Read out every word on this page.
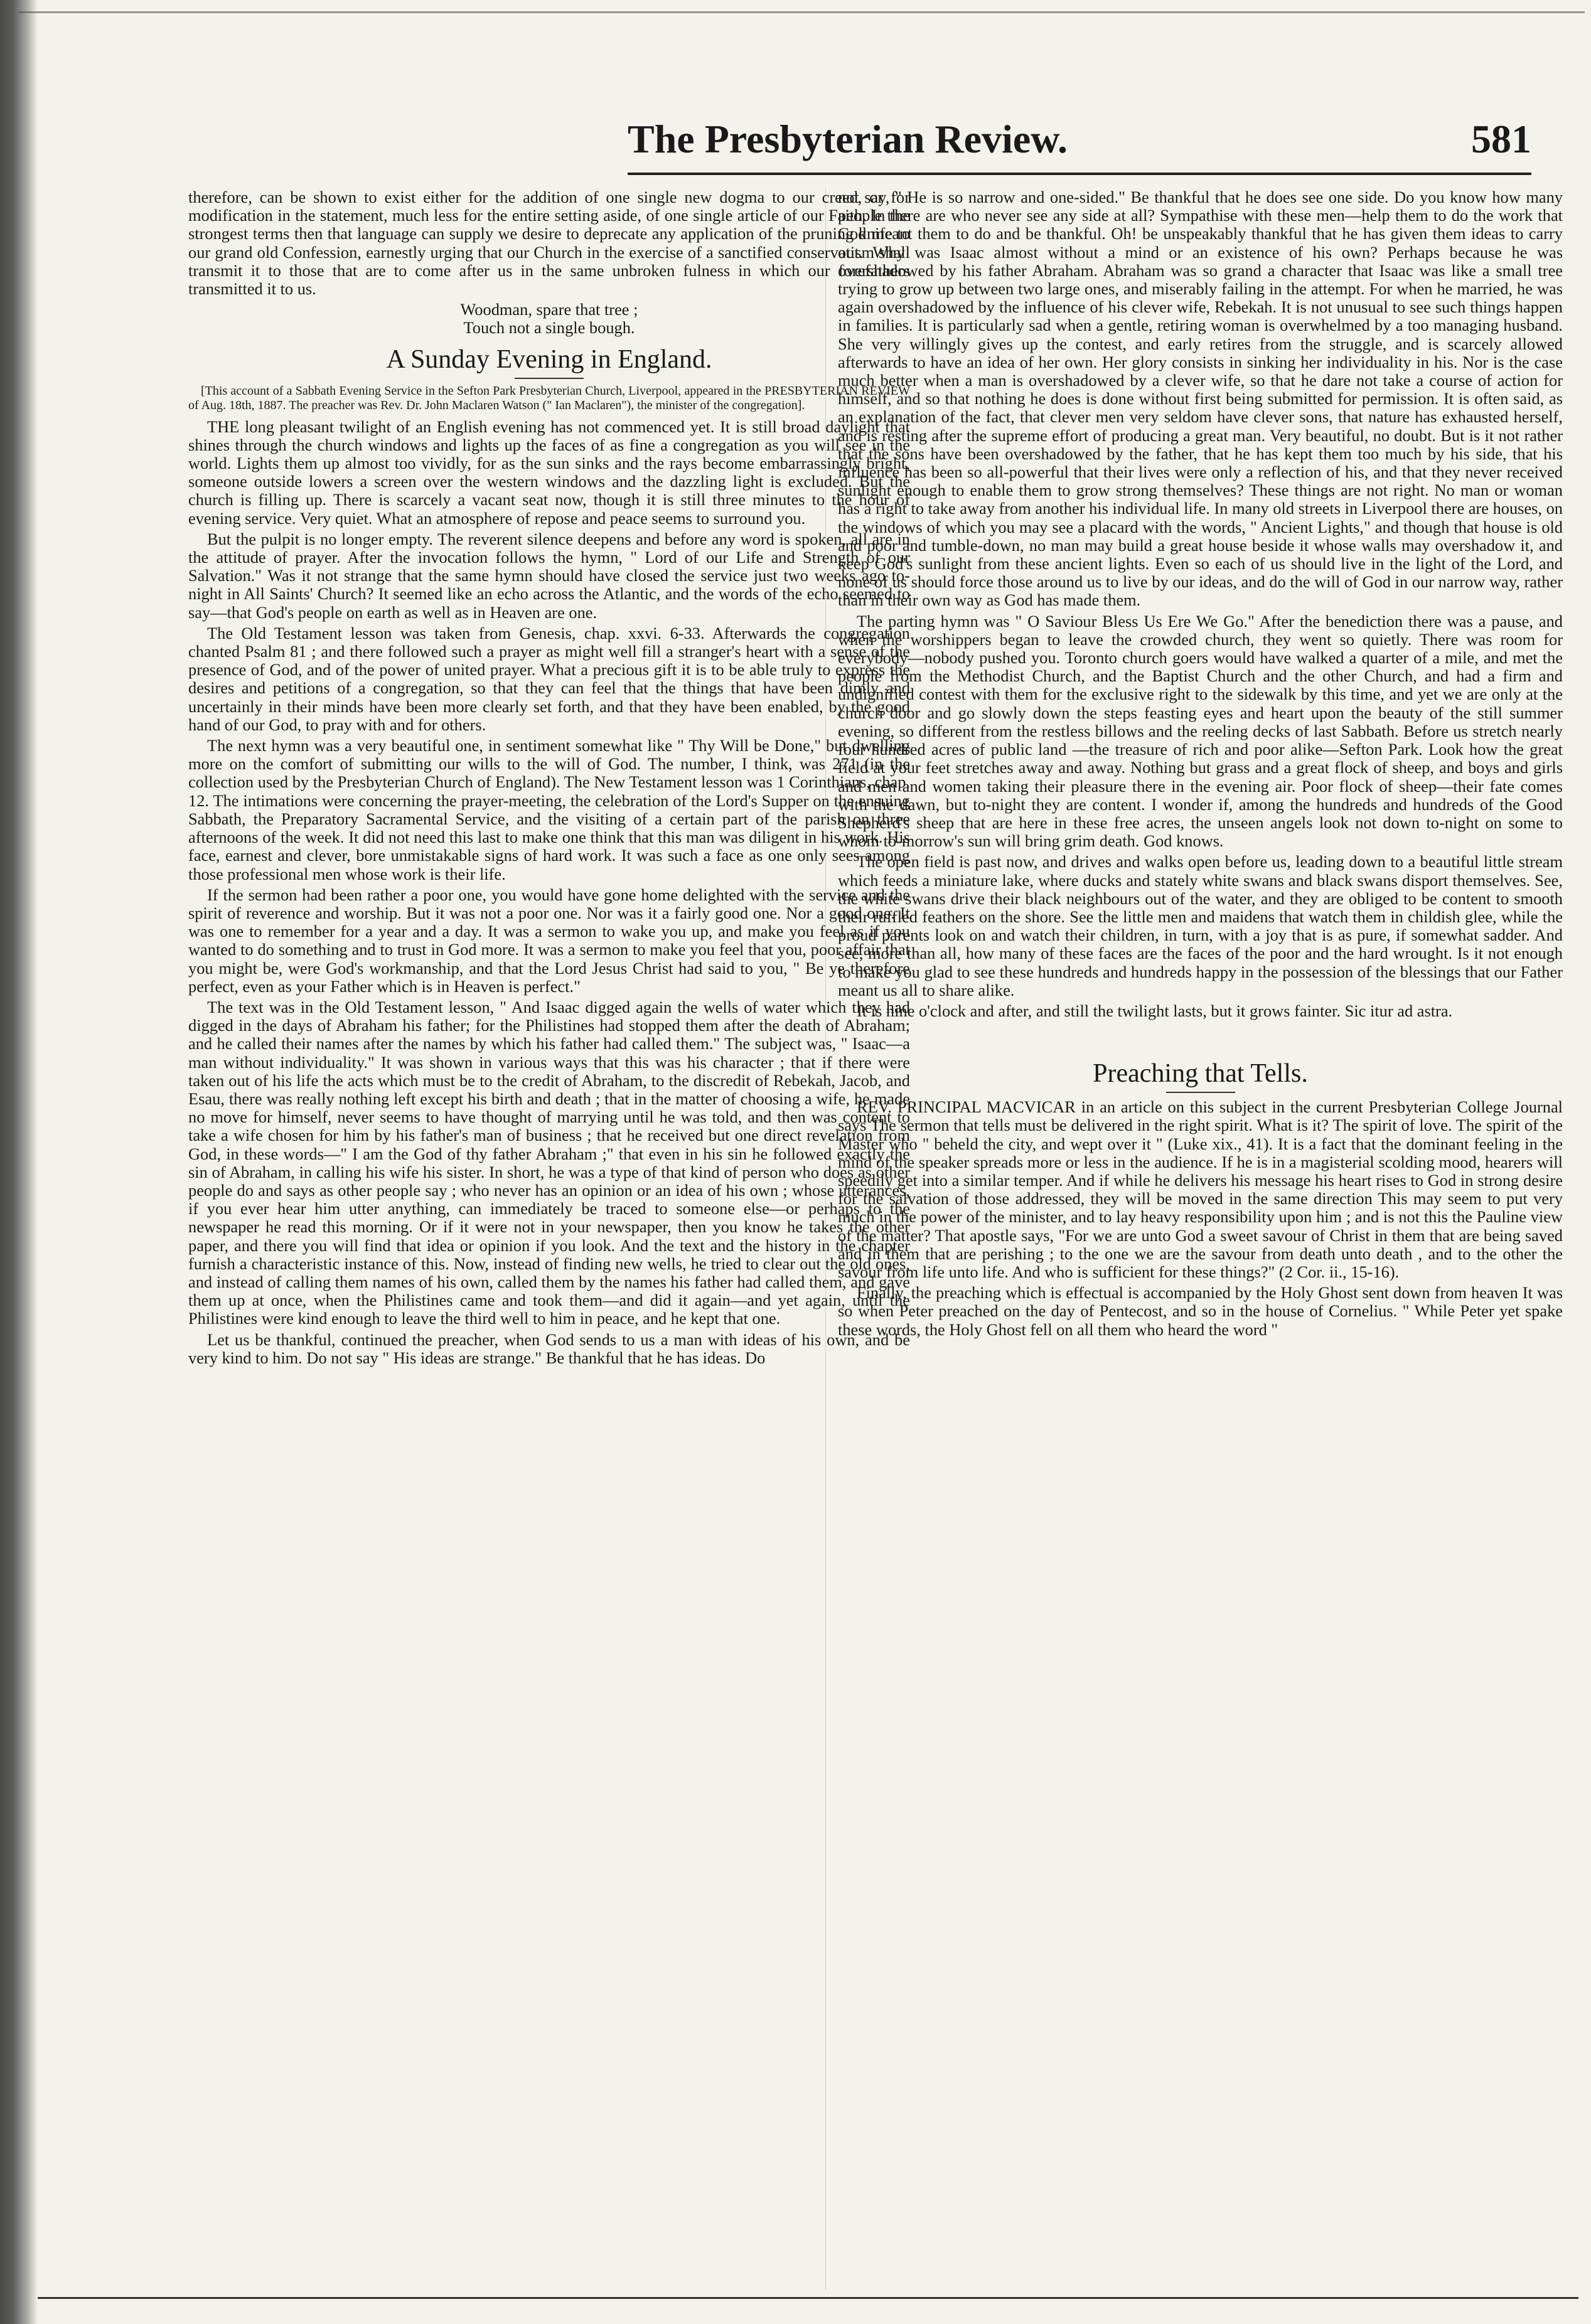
The Presbyterian Review.	581

therefore, can be shown to exist either for the addition of one single new dogma to our creed, or for modification in the statement, much less for the entire setting aside, of one single article of our Faith. In the strongest terms then that language can supply we desire to deprecate any application of the pruning knife to our grand old Confession, earnestly urging that our Church in the exercise of a sanctified conservatism shall transmit it to those that are to come after us in the same unbroken fulness in which our forefathers transmitted it to us.

Woodman, spare that tree ;

Touch not a single bough.

A Sunday Evening in England.

[This account of a Sabbath Evening Service in the Sefton Park Presbyterian Church, Liverpool, appeared in the PRESBYTERIAN REVIEW of Aug. 18th, 1887. The preacher was Rev. Dr. John Maclaren Watson (" Ian Maclaren"), the minister of the congregation].

THE long pleasant twilight of an English evening has not commenced yet. It is still broad daylight that shines through the church windows and lights up the faces of as fine a congregation as you will see in the world. Lights them up almost too vividly, for as the sun sinks and the rays become embarrassingly bright, someone outside lowers a screen over the western windows and the dazzling light is excluded. But the church is filling up. There is scarcely a vacant seat now, though it is still three minutes to the hour of evening service. Very quiet. What an atmosphere of repose and peace seems to surround you.

But the pulpit is no longer empty. The reverent silence deepens and before any word is spoken, all are in the attitude of prayer. After the invocation follows the hymn, " Lord of our Life and Strength of our Salvation." Was it not strange that the same hymn should have closed the service just two weeks ago to-night in All Saints' Church? It seemed like an echo across the Atlantic, and the words of the echo seemed to say—that God's people on earth as well as in Heaven are one.

The Old Testament lesson was taken from Genesis, chap. xxvi. 6-33. Afterwards the congregation chanted Psalm 81 ; and there followed such a prayer as might well fill a stranger's heart with a sense of the presence of God, and of the power of united prayer. What a precious gift it is to be able truly to express the desires and petitions of a congregation, so that they can feel that the things that have been dimly and uncertainly in their minds have been more clearly set forth, and that they have been enabled, by the good hand of our God, to pray with and for others.

The next hymn was a very beautiful one, in sentiment somewhat like " Thy Will be Done," but dwelling more on the comfort of submitting our wills to the will of God. The number, I think, was 271 (in the collection used by the Presbyterian Church of England). The New Testament lesson was 1 Corinthians, chap. 12. The intimations were concerning the prayer-meeting, the celebration of the Lord's Supper on the ensuing Sabbath, the Preparatory Sacramental Service, and the visiting of a certain part of the parish on three afternoons of the week. It did not need this last to make one think that this man was diligent in his work. His face, earnest and clever, bore unmistakable signs of hard work. It was such a face as one only sees among those professional men whose work is their life.

If the sermon had been rather a poor one, you would have gone home delighted with the service and the spirit of reverence and worship. But it was not a poor one. Nor was it a fairly good one. Nor a good one. It was one to remember for a year and a day. It was a sermon to wake you up, and make you feel as if you wanted to do something and to trust in God more. It was a sermon to make you feel that you, poor affair that you might be, were God's workmanship, and that the Lord Jesus Christ had said to you, " Be ye therefore perfect, even as your Father which is in Heaven is perfect."

The text was in the Old Testament lesson, " And Isaac digged again the wells of water which they had digged in the days of Abraham his father; for the Philistines had stopped them after the death of Abraham; and he called their names after the names by which his father had called them." The subject was, " Isaac—a man without individuality." It was shown in various ways that this was his character ; that if there were taken out of his life the acts which must be to the credit of Abraham, to the discredit of Rebekah, Jacob, and Esau, there was really nothing left except his birth and death ; that in the matter of choosing a wife, he made no move for himself, never seems to have thought of marrying until he was told, and then was content to take a wife chosen for him by his father's man of business ; that he received but one direct revelation from God, in these words—" I am the God of thy father Abraham ;" that even in his sin he followed exactly the sin of Abraham, in calling his wife his sister. In short, he was a type of that kind of person who does as other people do and says as other people say ; who never has an opinion or an idea of his own ; whose utterances, if you ever hear him utter anything, can immediately be traced to someone else—or perhaps to the newspaper he read this morning. Or if it were not in your newspaper, then you know he takes the other paper, and there you will find that idea or opinion if you look. And the text and the history in the chapter furnish a characteristic instance of this. Now, instead of finding new wells, he tried to clear out the old ones, and instead of calling them names of his own, called them by the names his father had called them, and gave them up at once, when the Philistines came and took them—and did it again—and yet again, until the Philistines were kind enough to leave the third well to him in peace, and he kept that one.

Let us be thankful, continued the preacher, when God sends to us a man with ideas of his own, and be very kind to him. Do not say " His ideas are strange." Be thankful that he has ideas. Do

not say, " He is so narrow and one-sided." Be thankful that he does see one side. Do you know how many people there are who never see any side at all? Sympathise with these men—help them to do the work that God meant them to do and be thankful. Oh! be unspeakably thankful that he has given them ideas to carry out. Why was Isaac almost without a mind or an existence of his own? Perhaps because he was overshadowed by his father Abraham. Abraham was so grand a character that Isaac was like a small tree trying to grow up between two large ones, and miserably failing in the attempt. For when he married, he was again overshadowed by the influence of his clever wife, Rebekah. It is not unusual to see such things happen in families. It is particularly sad when a gentle, retiring woman is overwhelmed by a too managing husband. She very willingly gives up the contest, and early retires from the struggle, and is scarcely allowed afterwards to have an idea of her own. Her glory consists in sinking her individuality in his. Nor is the case much better when a man is overshadowed by a clever wife, so that he dare not take a course of action for himself, and so that nothing he does is done without first being submitted for permission. It is often said, as an explanation of the fact, that clever men very seldom have clever sons, that nature has exhausted herself, and is resting after the supreme effort of producing a great man. Very beautiful, no doubt. But is it not rather that the sons have been overshadowed by the father, that he has kept them too much by his side, that his influence has been so all-powerful that their lives were only a reflection of his, and that they never received sunlight enough to enable them to grow strong themselves? These things are not right. No man or woman has a right to take away from another his individual life. In many old streets in Liverpool there are houses, on the windows of which you may see a placard with the words, " Ancient Lights," and though that house is old and poor and tumble-down, no man may build a great house beside it whose walls may overshadow it, and keep God's sunlight from these ancient lights. Even so each of us should live in the light of the Lord, and none of us should force those around us to live by our ideas, and do the will of God in our narrow way, rather than in their own way as God has made them.

The parting hymn was " O Saviour Bless Us Ere We Go." After the benediction there was a pause, and when the worshippers began to leave the crowded church, they went so quietly. There was room for everybody—nobody pushed you. Toronto church goers would have walked a quarter of a mile, and met the people from the Methodist Church, and the Baptist Church and the other Church, and had a firm and undignified contest with them for the exclusive right to the sidewalk by this time, and yet we are only at the church door and go slowly down the steps feasting eyes and heart upon the beauty of the still summer evening, so different from the restless billows and the reeling decks of last Sabbath. Before us stretch nearly four hundred acres of public land —the treasure of rich and poor alike—Sefton Park. Look how the great field at your feet stretches away and away. Nothing but grass and a great flock of sheep, and boys and girls and men and women taking their pleasure there in the evening air. Poor flock of sheep—their fate comes with the dawn, but to-night they are content. I wonder if, among the hundreds and hundreds of the Good Shepherd's sheep that are here in these free acres, the unseen angels look not down to-night on some to whom to-morrow's sun will bring grim death. God knows.

The open field is past now, and drives and walks open before us, leading down to a beautiful little stream which feeds a miniature lake, where ducks and stately white swans and black swans disport themselves. See, the white swans drive their black neighbours out of the water, and they are obliged to be content to smooth their ruffled feathers on the shore. See the little men and maidens that watch them in childish glee, while the proud parents look on and watch their children, in turn, with a joy that is as pure, if somewhat sadder. And see, more than all, how many of these faces are the faces of the poor and the hard wrought. Is it not enough to make you glad to see these hundreds and hundreds happy in the possession of the blessings that our Father meant us all to share alike.

It is nine o'clock and after, and still the twilight lasts, but it grows fainter. Sic itur ad astra.

Preaching that Tells.

REV. PRINCIPAL MACVICAR in an article on this subject in the current Presbyterian College Journal says The sermon that tells must be delivered in the right spirit. What is it? The spirit of love. The spirit of the Master who " beheld the city, and wept over it " (Luke xix., 41). It is a fact that the dominant feeling in the mind of the speaker spreads more or less in the audience. If he is in a magisterial scolding mood, hearers will speedily get into a similar temper. And if while he delivers his message his heart rises to God in strong desire for the salvation of those addressed, they will be moved in the same direction This may seem to put very much in the power of the minister, and to lay heavy responsibility upon him ; and is not this the Pauline view of the matter? That apostle says, "For we are unto God a sweet savour of Christ in them that are being saved and in them that are perishing ; to the one we are the savour from death unto death , and to the other the savour from life unto life. And who is sufficient for these things?" (2 Cor. ii., 15-16).

Finally, the preaching which is effectual is accompanied by the Holy Ghost sent down from heaven It was so when Peter preached on the day of Pentecost, and so in the house of Cornelius. " While Peter yet spake these words, the Holy Ghost fell on all them who heard the word "
